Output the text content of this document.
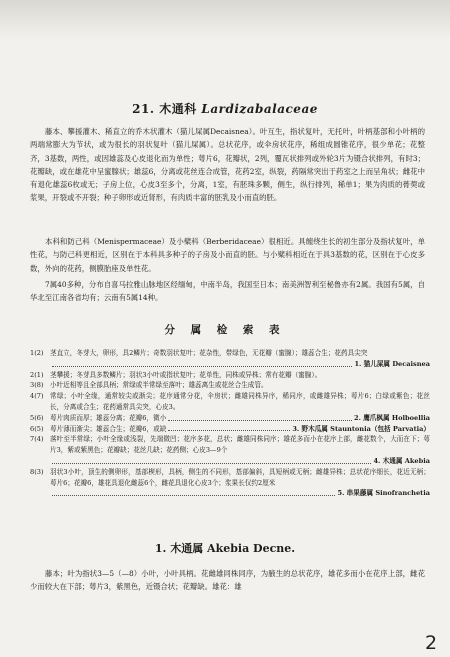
21. 木通科 Lardizabalaceae
藤本、攀援灌木、稀直立的乔木状灌木（猫儿屎属Decaisnea）。叶互生，指状复叶，无托叶，叶柄基部和小叶柄的两端常膨大为节状，或为很长的羽状复叶（猫儿屎属）。总状花序，或伞房状花序，稀组成圆锥花序，很少单花；花整齐，3基数，两性，或因雄蕊及心皮退化而为单性；萼片6，花瓣状，2列，覆瓦状排列或外轮3片为镊合状排列，有时3；花瓣缺，或在雄花中呈蜜腺状；雄蕊6，分离或花丝连合成管，花药2室，纵裂，药隔常突出于药室之上而呈角状；雌花中有退化雄蕊6枚或无；子房上位，心皮3至多个，分离，1室，有胚珠多颗，侧生，纵行排列，稀单1；果为肉质的蓇葖或浆果，开裂或不开裂；种子卵形或近肾形，有肉质丰富的胚乳及小而直的胚。
本科和防己科（Menispermaceae）及小檗科（Berberidaceae）很相近。具缠绕生长的初生部分及指状复叶，单性花，与防己科更相近，区别在于本科具多种子的子房及小而直的胚。与小檗科相近在于具3基数的花，区别在于心皮多数，外向的花药，侧膜胎座及单性花。
7属40多种，分布自喜马拉雅山脉地区经缅甸，中南半岛，我国至日本；南美洲智利至秘鲁亦有2属。我国有5属，自华北至江南各省均有；云南有5属14种。
分 属 检 索 表
1(2) 茎直立，冬芽大，卵形，具2鳞片；奇数羽状复叶；花杂性，带绿色，无花瓣（蜜腺）；雄蕊合生；花药具尖突
1. 猫儿屎属 Decaisnea
2(1) 茎攀援；冬芽具多数鳞片；羽状3小叶或指状复叶；花单性，同株或异株；常有花瓣（蜜腺）。
3(8) 小叶近相等且全部具柄；常绿或半常绿至落叶；雄蕊离生或花丝合生成管。
4(7) 常绿；小叶全缘，通常较尖或渐尖；花序通常分花，伞房状；雌雄同株异序，稀同序，或雌雄异株；萼片6；白绿或紫色；花丝长，分离或合生；花药通常具尖突，心皮3。
5(6) 萼片肉质而厚；雄蕊分离；花瓣6，微小	2. 鹰爪枫属 Holboellia
6(5) 萼片薄而渐尖；雄蕊合生；花瓣6，或缺	3. 野木瓜属 Stauntonia（包括 Parvatia）
7(4) 落叶至半常绿；小叶全缘或浅裂，先端微凹；花序多花，总状；雌雄同株同序；雄花多而小在花序上部，雌花数个，大而在下；萼片3，紫或紫黑色；花瓣缺；花丝几缺；花药侧；心皮3—9个
4. 木通属 Akebia
8(3) 羽状3小叶，顶生的侧卵形，基部楔形，具柄，侧生的不同形，基部偏斜，具短柄或无柄；雌雄异株；总状花序细长，花近无柄；萼片6；花瓣6，雄花具退化雌蕊6个，雌花具退化心皮3个；浆果长仅约2厘米
5. 串果藤属 Sinofranchetia
1. 木通属 Akebia Decne.
藤本；叶为指状3—5（—8）小叶，小叶具柄。花雌雄同株同序，为腋生的总状花序，雄花多而小在花序上部，雌花少而较大在下部；萼片3，紫黑色，近镊合状；花瓣缺。雄花：雄
2
